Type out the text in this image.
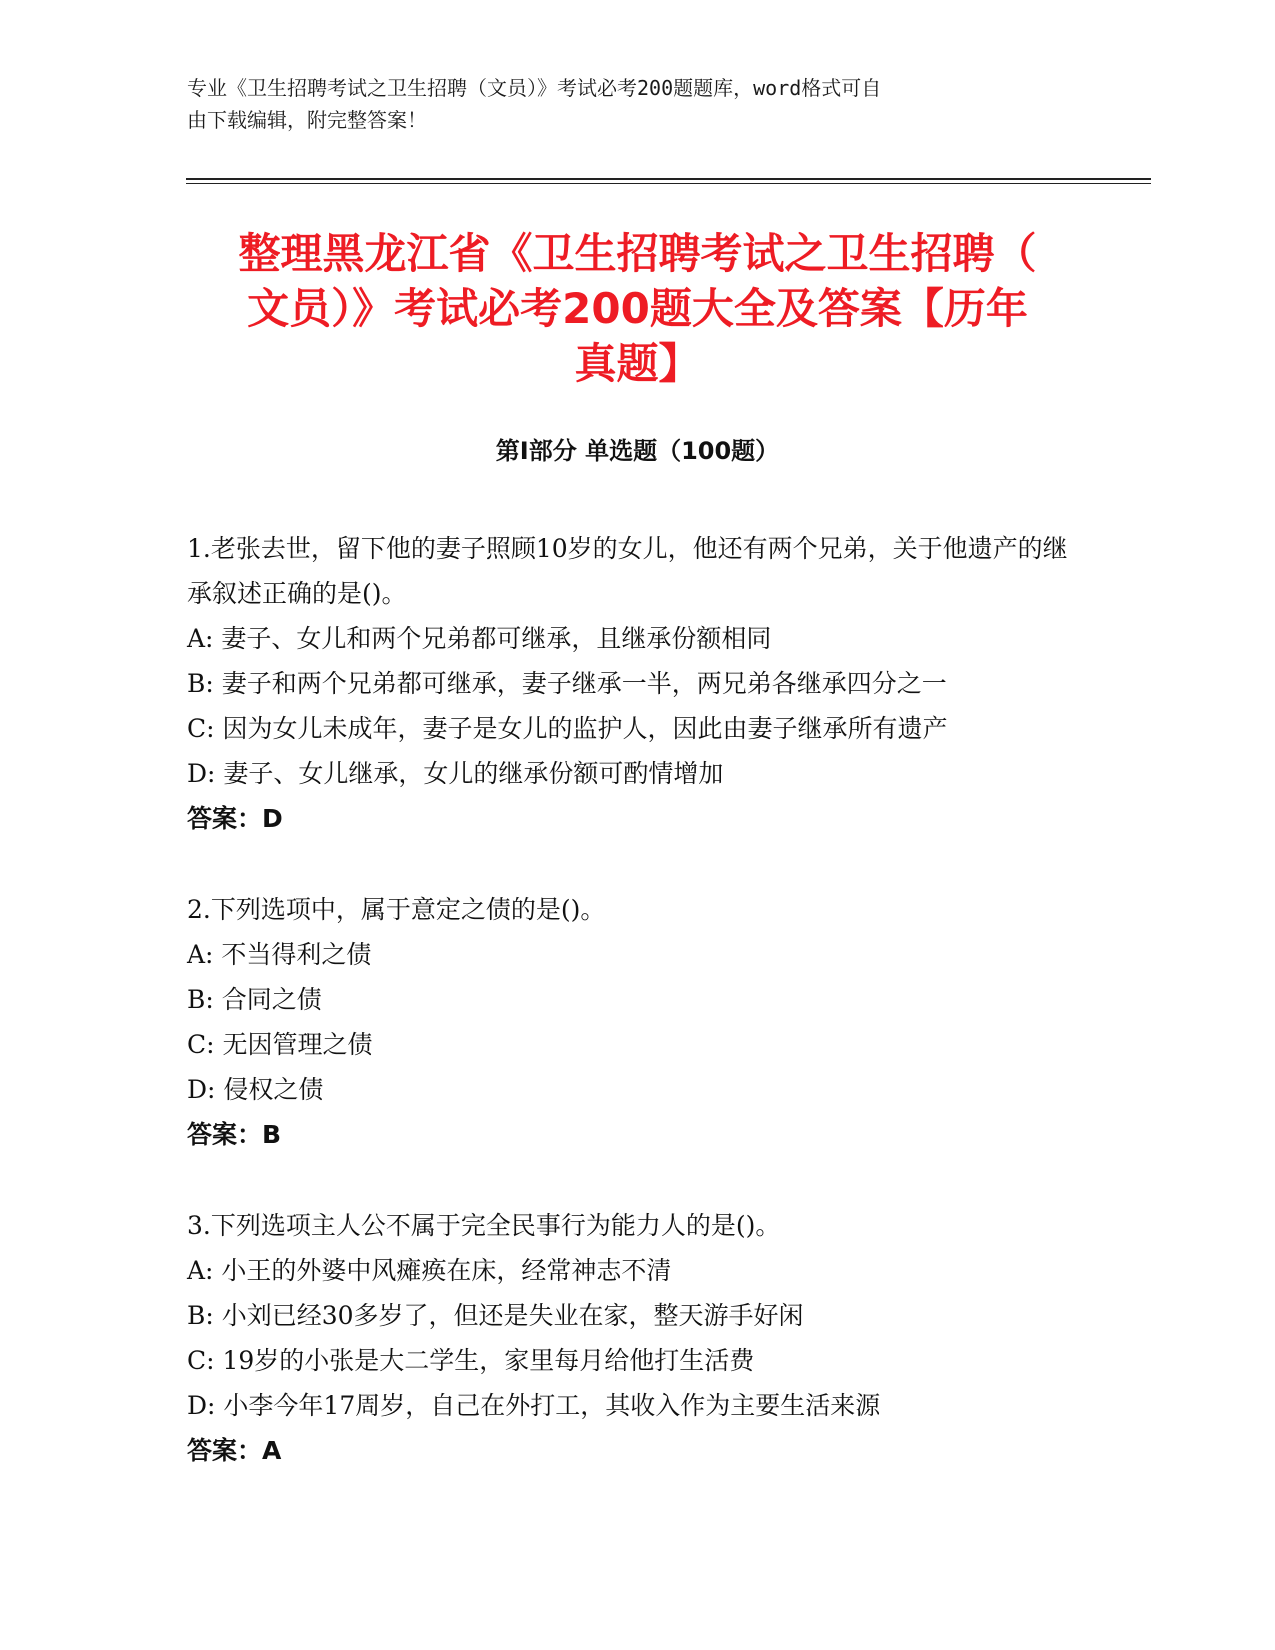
专业《卫生招聘考试之卫生招聘（文员）》考试必考200题题库，word格式可自
由下载编辑，附完整答案！
整理黑龙江省《卫生招聘考试之卫生招聘（
文员）》考试必考200题大全及答案【历年
真题】
第Ⅰ部分 单选题（100题）
1.老张去世，留下他的妻子照顾10岁的女儿，他还有两个兄弟，关于他遗产的继承叙述正确的是()。
A: 妻子、女儿和两个兄弟都可继承，且继承份额相同
B: 妻子和两个兄弟都可继承，妻子继承一半，两兄弟各继承四分之一
C: 因为女儿未成年，妻子是女儿的监护人，因此由妻子继承所有遗产
D: 妻子、女儿继承，女儿的继承份额可酌情增加
答案：D
2.下列选项中，属于意定之债的是()。
A: 不当得利之债
B: 合同之债
C: 无因管理之债
D: 侵权之债
答案：B
3.下列选项主人公不属于完全民事行为能力人的是()。
A: 小王的外婆中风瘫痪在床，经常神志不清
B: 小刘已经30多岁了，但还是失业在家，整天游手好闲
C: 19岁的小张是大二学生，家里每月给他打生活费
D: 小李今年17周岁，自己在外打工，其收入作为主要生活来源
答案：A
